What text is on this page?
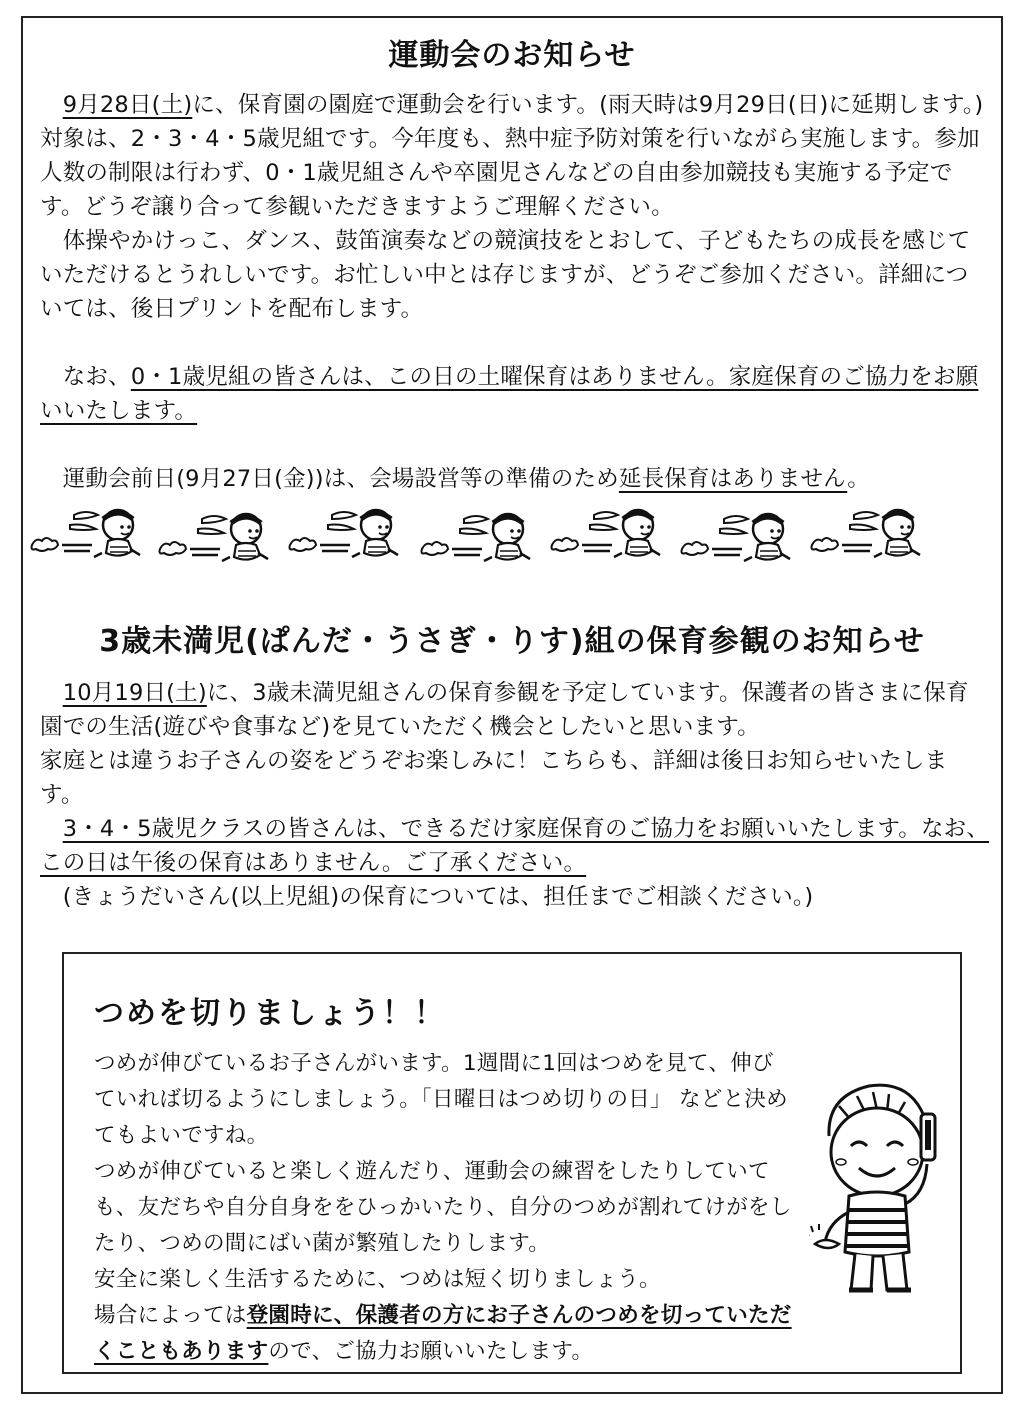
運動会のお知らせ

　9月28日(土)に、保育園の園庭で運動会を行います。(雨天時は9月29日(日)に延期します。)対象は、2・3・4・5歳児組です。今年度も、熱中症予防対策を行いながら実施します。参加人数の制限は行わず、0・1歳児組さんや卒園児さんなどの自由参加競技も実施する予定です。どうぞ譲り合って参観いただきますようご理解ください。

　体操やかけっこ、ダンス、鼓笛演奏などの競演技をとおして、子どもたちの成長を感じていただけるとうれしいです。お忙しい中とは存じますが、どうぞご参加ください。詳細については、後日プリントを配布します。

　なお、0・1歳児組の皆さんは、この日の土曜保育はありません。家庭保育のご協力をお願いいたします。

　運動会前日(9月27日(金))は、会場設営等の準備のため延長保育はありません。

3歳未満児(ぱんだ・うさぎ・りす)組の保育参観のお知らせ

　10月19日(土)に、3歳未満児組さんの保育参観を予定しています。保護者の皆さまに保育園での生活(遊びや食事など)を見ていただく機会としたいと思います。

家庭とは違うお子さんの姿をどうぞお楽しみに！こちらも、詳細は後日お知らせいたします。

　3・4・5歳児クラスの皆さんは、できるだけ家庭保育のご協力をお願いいたします。なお、この日は午後の保育はありません。ご了承ください。

　(きょうだいさん(以上児組)の保育については、担任までご相談ください。)

つめを切りましょう！！

つめが伸びているお子さんがいます。1週間に1回はつめを見て、伸びていれば切るようにしましょう。「日曜日はつめ切りの日」 などと決めてもよいですね。

つめが伸びていると楽しく遊んだり、運動会の練習をしたりしていても、友だちや自分自身ををひっかいたり、自分のつめが割れてけがをしたり、つめの間にばい菌が繁殖したりします。

安全に楽しく生活するために、つめは短く切りましょう。

場合によっては登園時に、保護者の方にお子さんのつめを切っていただくこともありますので、ご協力お願いいたします。
